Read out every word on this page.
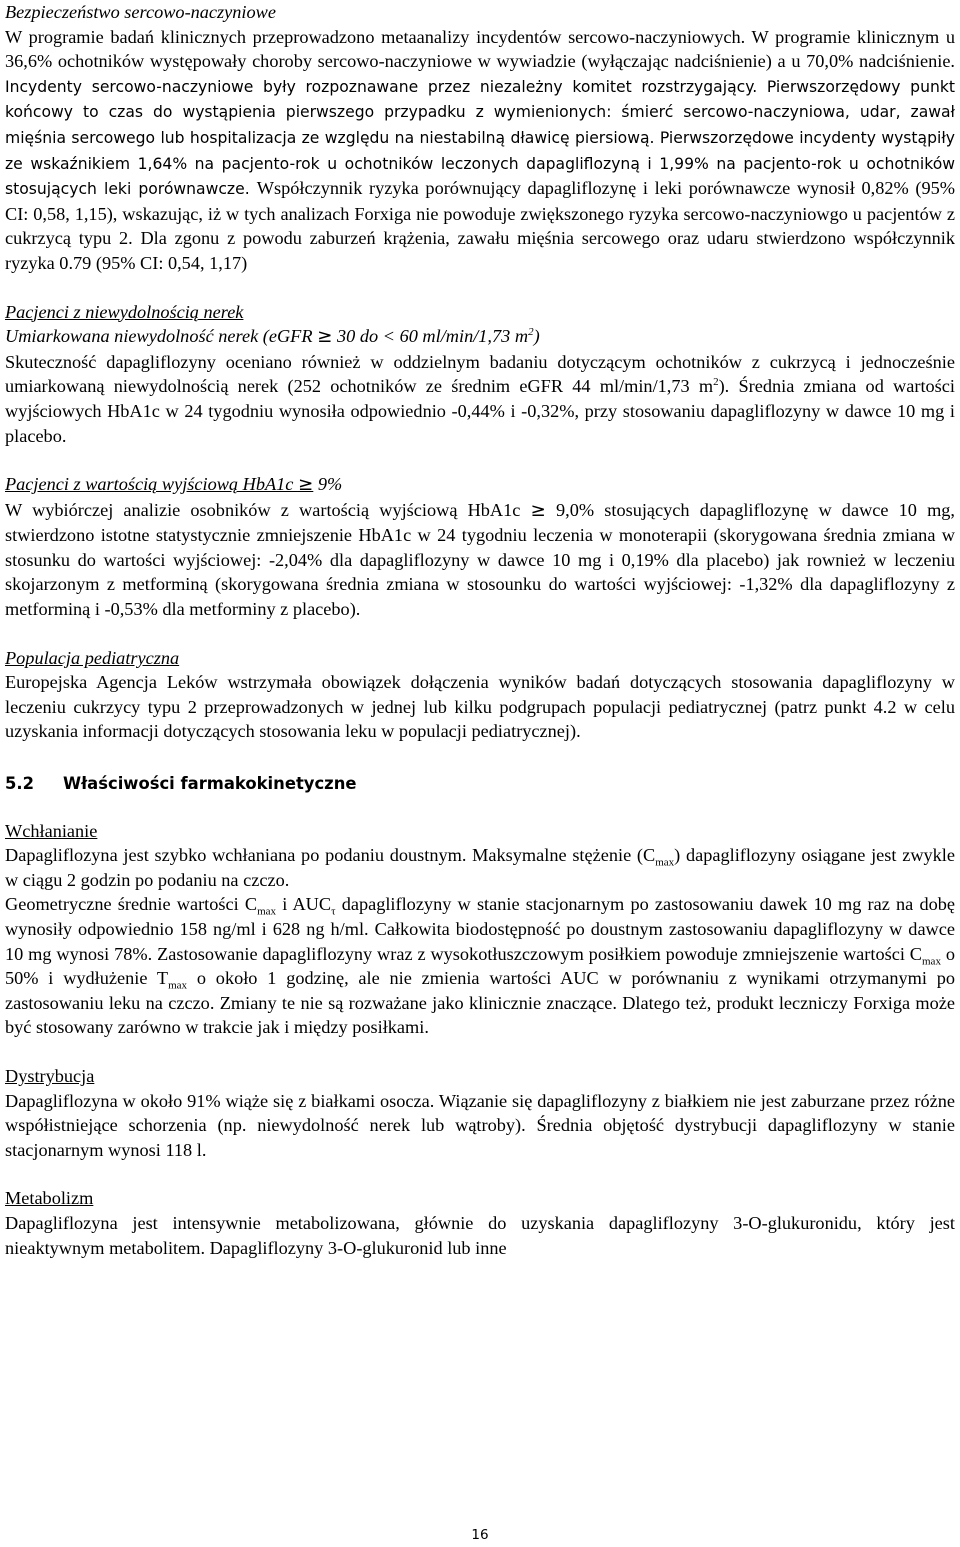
Bezpieczeństwo sercowo-naczyniowe

W programie badań klinicznych przeprowadzono metaanalizy incydentów sercowo-naczyniowych. W programie klinicznym u 36,6% ochotników występowały choroby sercowo-naczyniowe w wywiadzie (wyłączając nadciśnienie) a u 70,0% nadciśnienie. Incydenty sercowo-naczyniowe były rozpoznawane przez niezależny komitet rozstrzygający. Pierwszorzędowy punkt końcowy to czas do wystąpienia pierwszego przypadku z wymienionych: śmierć sercowo-naczyniowa, udar, zawał mięśnia sercowego lub hospitalizacja ze względu na niestabilną dławicę piersiową. Pierwszorzędowe incydenty wystąpiły ze wskaźnikiem 1,64% na pacjento-rok u ochotników leczonych dapagliflozyną i 1,99% na pacjento-rok u ochotników stosujących leki porównawcze. Współczynnik ryzyka porównujący dapagliflozynę i leki porównawcze wynosił 0,82% (95% CI: 0,58, 1,15), wskazując, iż w tych analizach Forxiga nie powoduje zwiększonego ryzyka sercowo-naczyniowgo u pacjentów z cukrzycą typu 2. Dla zgonu z powodu zaburzeń krążenia, zawału mięśnia sercowego oraz udaru stwierdzono współczynnik ryzyka 0.79 (95% CI: 0,54, 1,17)

Pacjenci z niewydolnością nerek

Umiarkowana niewydolność nerek (eGFR ≥ 30 do < 60 ml/min/1,73 $m^2$)

Skuteczność dapagliflozyny oceniano również w oddzielnym badaniu dotyczącym ochotników z cukrzycą i jednocześnie umiarkowaną niewydolnością nerek (252 ochotników ze średnim eGFR 44 ml/min/1,73 $m^2$). Średnia zmiana od wartości wyjściowych HbA1c w 24 tygodniu wynosiła odpowiednio -0,44% i -0,32%, przy stosowaniu dapagliflozyny w dawce 10 mg i placebo.

Pacjenci z wartością wyjściową HbA1c ≥ 9%

W wybiórczej analizie osobników z wartością wyjściową HbA1c ≥ 9,0% stosujących dapagliflozynę w dawce 10 mg, stwierdzono istotne statystycznie zmniejszenie HbA1c w 24 tygodniu leczenia w monoterapii (skorygowana średnia zmiana w stosunku do wartości wyjściowej: -2,04% dla dapagliflozyny w dawce 10 mg i 0,19% dla placebo) jak rownież w leczeniu skojarzonym z metforminą (skorygowana średnia zmiana w stosounku do wartości wyjściowej: -1,32% dla dapagliflozyny z metforminą i -0,53% dla metforminy z placebo).

Populacja pediatryczna

Europejska Agencja Leków wstrzymała obowiązek dołączenia wyników badań dotyczących stosowania dapagliflozyny w leczeniu cukrzycy typu 2 przeprowadzonych w jednej lub kilku podgrupach populacji pediatrycznej (patrz punkt 4.2 w celu uzyskania informacji dotyczących stosowania leku w populacji pediatrycznej).

5.2	Właściwości farmakokinetyczne

Wchłanianie

Dapagliflozyna jest szybko wchłaniana po podaniu doustnym. Maksymalne stężenie $(C_{max})$ dapagliflozyny osiągane jest zwykle w ciągu 2 godzin po podaniu na czczo.

Geometryczne średnie wartości $C_{max}$ i $AUC_\tau$ dapagliflozyny w stanie stacjonarnym po zastosowaniu dawek 10 mg raz na dobę wynosiły odpowiednio 158 ng/ml i 628 ng h/ml. Całkowita biodostępność po doustnym zastosowaniu dapagliflozyny w dawce 10 mg wynosi 78%. Zastosowanie dapagliflozyny wraz z wysokotłuszczowym posiłkiem powoduje zmniejszenie wartości $C_{max}$ o 50% i wydłużenie $T_{max}$ o około 1 godzinę, ale nie zmienia wartości AUC w porównaniu z wynikami otrzymanymi po zastosowaniu leku na czczo. Zmiany te nie są rozważane jako klinicznie znaczące. Dlatego też, produkt leczniczy Forxiga może być stosowany zarówno w trakcie jak i między posiłkami.

Dystrybucja

Dapagliflozyna w około 91% wiąże się z białkami osocza. Wiązanie się dapagliflozyny z białkiem nie jest zaburzane przez różne współistniejące schorzenia (np. niewydolność nerek lub wątroby). Średnia objętość dystrybucji dapagliflozyny w stanie stacjonarnym wynosi 118 l.

Metabolizm

Dapagliflozyna jest intensywnie metabolizowana, głównie do uzyskania dapagliflozyny 3-O-glukuronidu, który jest nieaktywnym metabolitem. Dapagliflozyny 3-O-glukuronid lub inne

16
